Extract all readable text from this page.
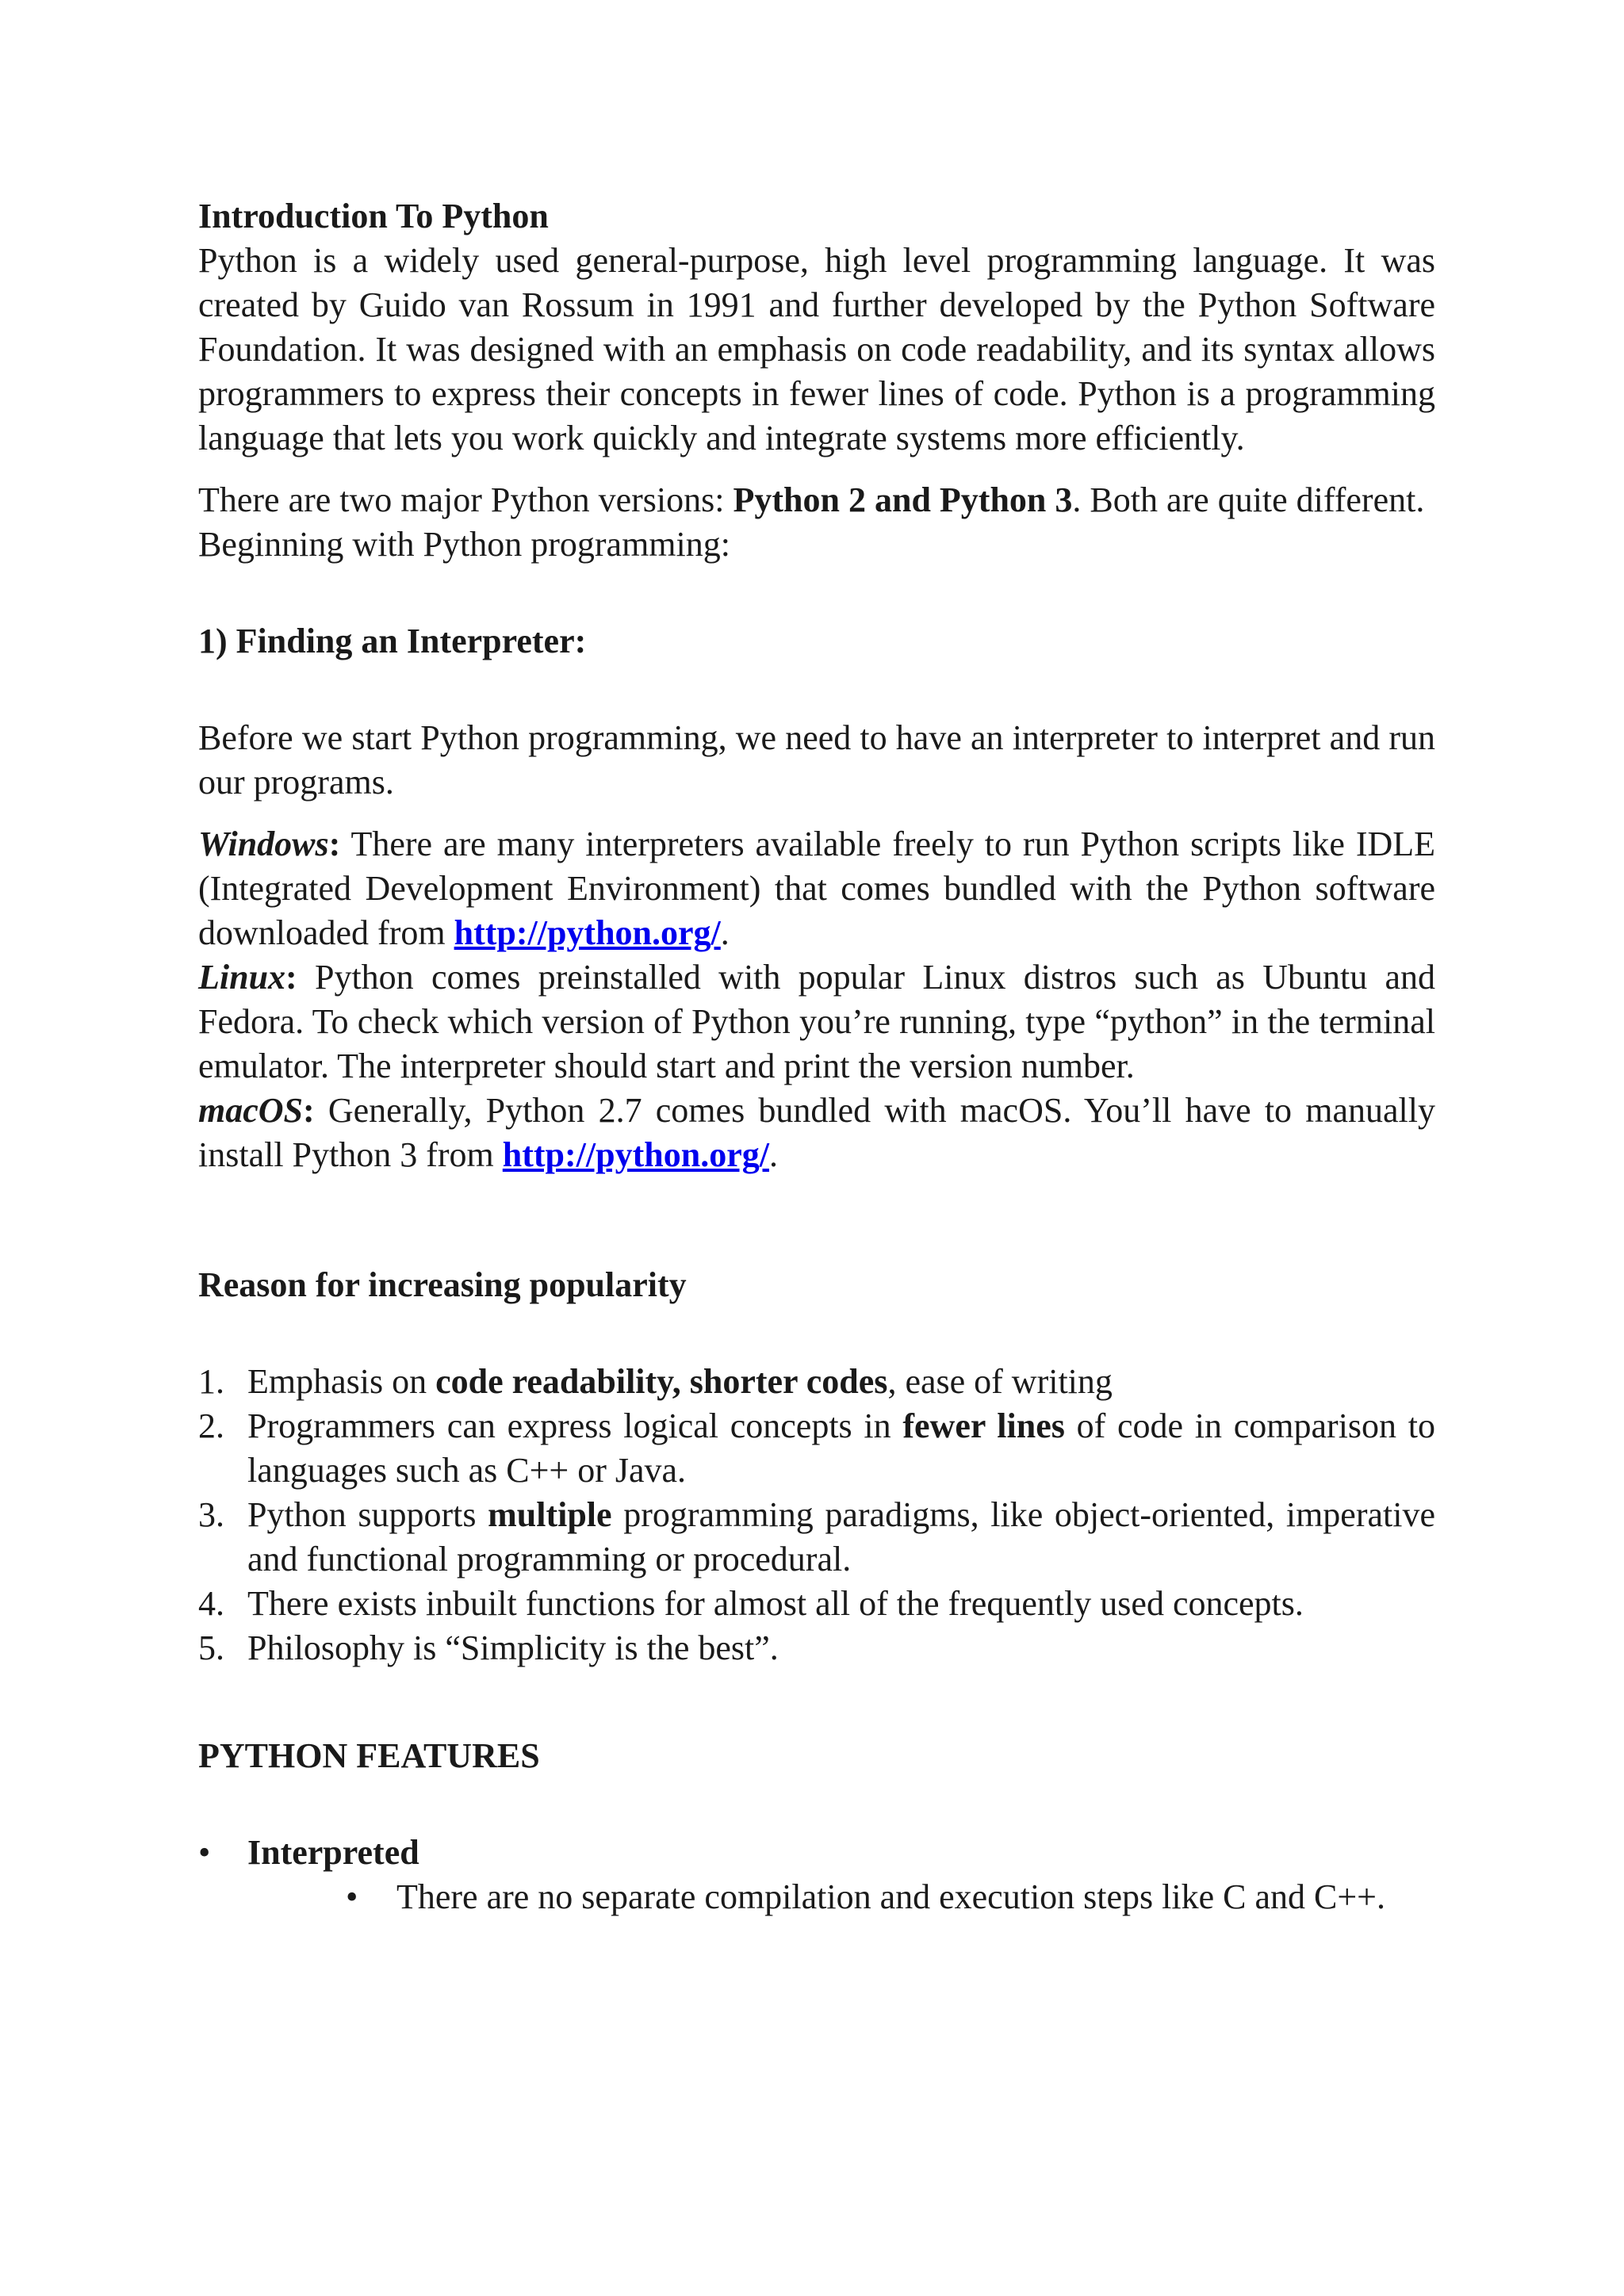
Introduction To Python

Python is a widely used general-purpose, high level programming language. It was created by Guido van Rossum in 1991 and further developed by the Python Software Foundation. It was designed with an emphasis on code readability, and its syntax allows programmers to express their concepts in fewer lines of code. Python is a programming language that lets you work quickly and integrate systems more efficiently.

There are two major Python versions: Python 2 and Python 3. Both are quite different.

Beginning with Python programming:

1) Finding an Interpreter:

Before we start Python programming, we need to have an interpreter to interpret and run our programs.

Windows: There are many interpreters available freely to run Python scripts like IDLE (Integrated Development Environment) that comes bundled with the Python software downloaded from http://python.org/.

Linux: Python comes preinstalled with popular Linux distros such as Ubuntu and Fedora. To check which version of Python you’re running, type “python” in the terminal emulator. The interpreter should start and print the version number.

macOS: Generally, Python 2.7 comes bundled with macOS. You’ll have to manually install Python 3 from http://python.org/.

Reason for increasing popularity

1. Emphasis on code readability, shorter codes, ease of writing
2. Programmers can express logical concepts in fewer lines of code in comparison to languages such as C++ or Java.
3. Python supports multiple programming paradigms, like object-oriented, imperative and functional programming or procedural.
4. There exists inbuilt functions for almost all of the frequently used concepts.
5. Philosophy is “Simplicity is the best”.

PYTHON FEATURES

•	Interpreted
•	There are no separate compilation and execution steps like C and C++.
